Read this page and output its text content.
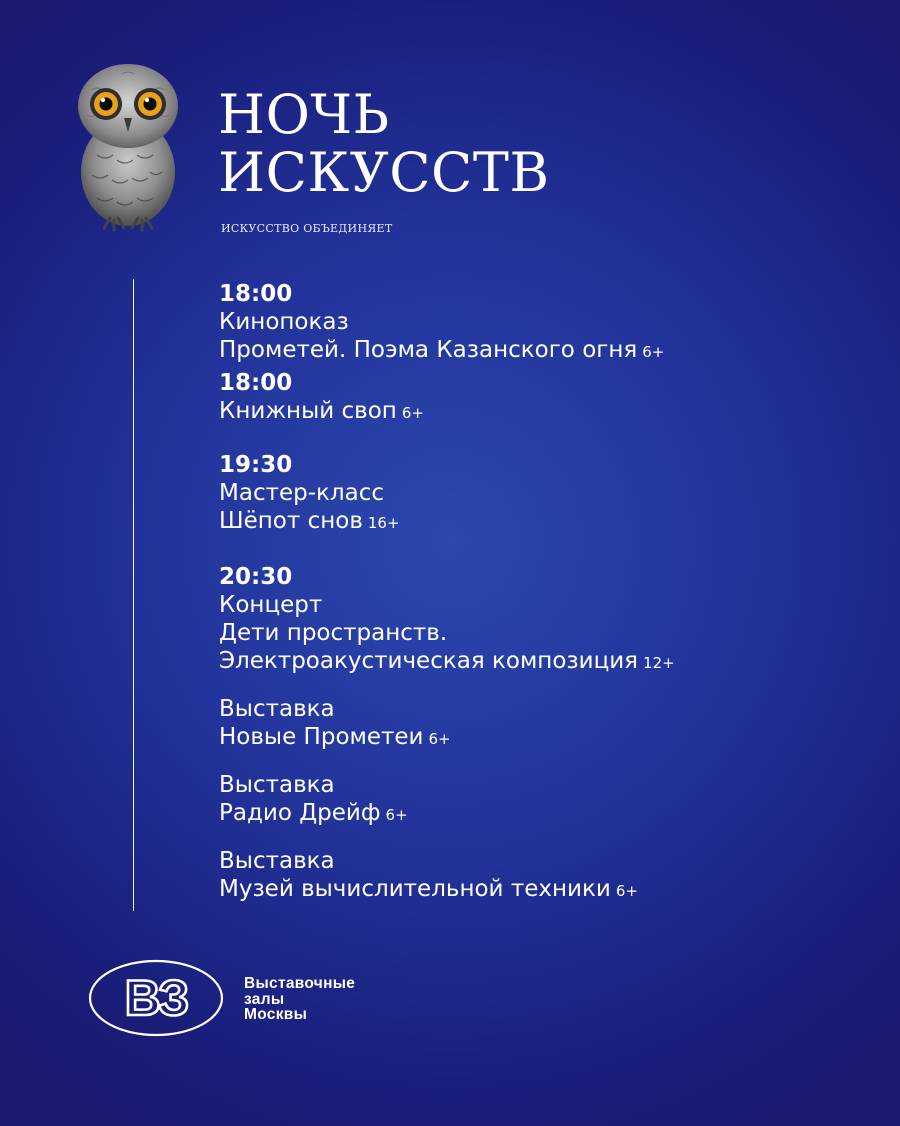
НОЧЬ
ИСКУССТВ
ИСКУССТВО ОБЪЕДИНЯЕТ
18:00
Кинопоказ
Прометей. Поэма Казанского огня 6+
18:00
Книжный своп 6+
19:30
Мастер-класс
Шёпот снов 16+
20:30
Концерт
Дети пространств.
Электроакустическая композиция 12+
Выставка
Новые Прометеи 6+
Выставка
Радио Дрейф 6+
Выставка
Музей вычислительной техники 6+
ВЗ	Выставочные
залы
Москвы
